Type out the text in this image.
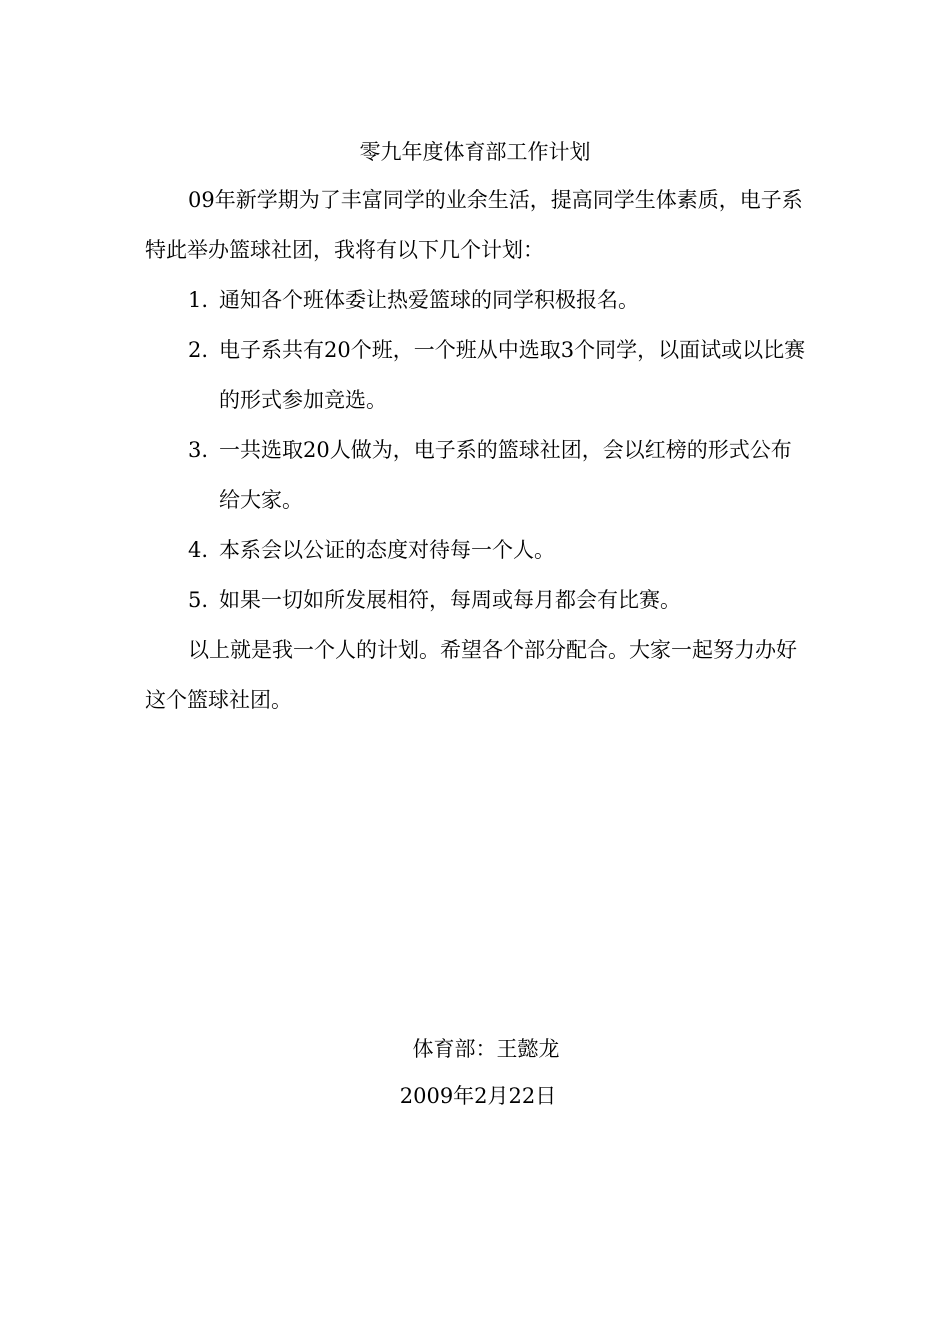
零九年度体育部工作计划
09年新学期为了丰富同学的业余生活，提高同学生体素质，电子系特此举办篮球社团，我将有以下几个计划：
1. 通知各个班体委让热爱篮球的同学积极报名。
2. 电子系共有20个班，一个班从中选取3个同学，以面试或以比赛的形式参加竞选。
3. 一共选取20人做为，电子系的篮球社团，会以红榜的形式公布给大家。
4. 本系会以公证的态度对待每一个人。
5. 如果一切如所发展相符，每周或每月都会有比赛。
以上就是我一个人的计划。希望各个部分配合。大家一起努力办好这个篮球社团。
体育部：王懿龙
2009年2月22日
